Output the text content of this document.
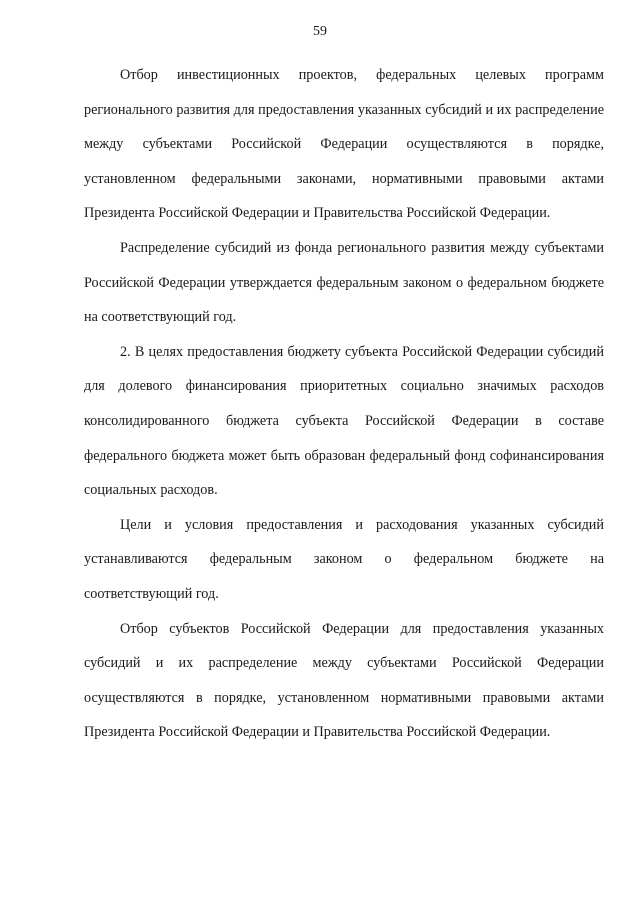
59

Отбор инвестиционных проектов, федеральных целевых программ регионального развития для предоставления указанных субсидий и их распределение между субъектами Российской Федерации осуществляются в порядке, установленном федеральными законами, нормативными правовыми актами Президента Российской Федерации и Правительства Российской Федерации.

Распределение субсидий из фонда регионального развития между субъектами Российской Федерации утверждается федеральным законом о федеральном бюджете на соответствующий год.

2. В целях предоставления бюджету субъекта Российской Федерации субсидий для долевого финансирования приоритетных социально значимых расходов консолидированного бюджета субъекта Российской Федерации в составе федерального бюджета может быть образован федеральный фонд софинансирования социальных расходов.

Цели и условия предоставления и расходования указанных субсидий устанавливаются федеральным законом о федеральном бюджете на соответствующий год.

Отбор субъектов Российской Федерации для предоставления указанных субсидий и их распределение между субъектами Российской Федерации осуществляются в порядке, установленном нормативными правовыми актами Президента Российской Федерации и Правительства Российской Федерации.
